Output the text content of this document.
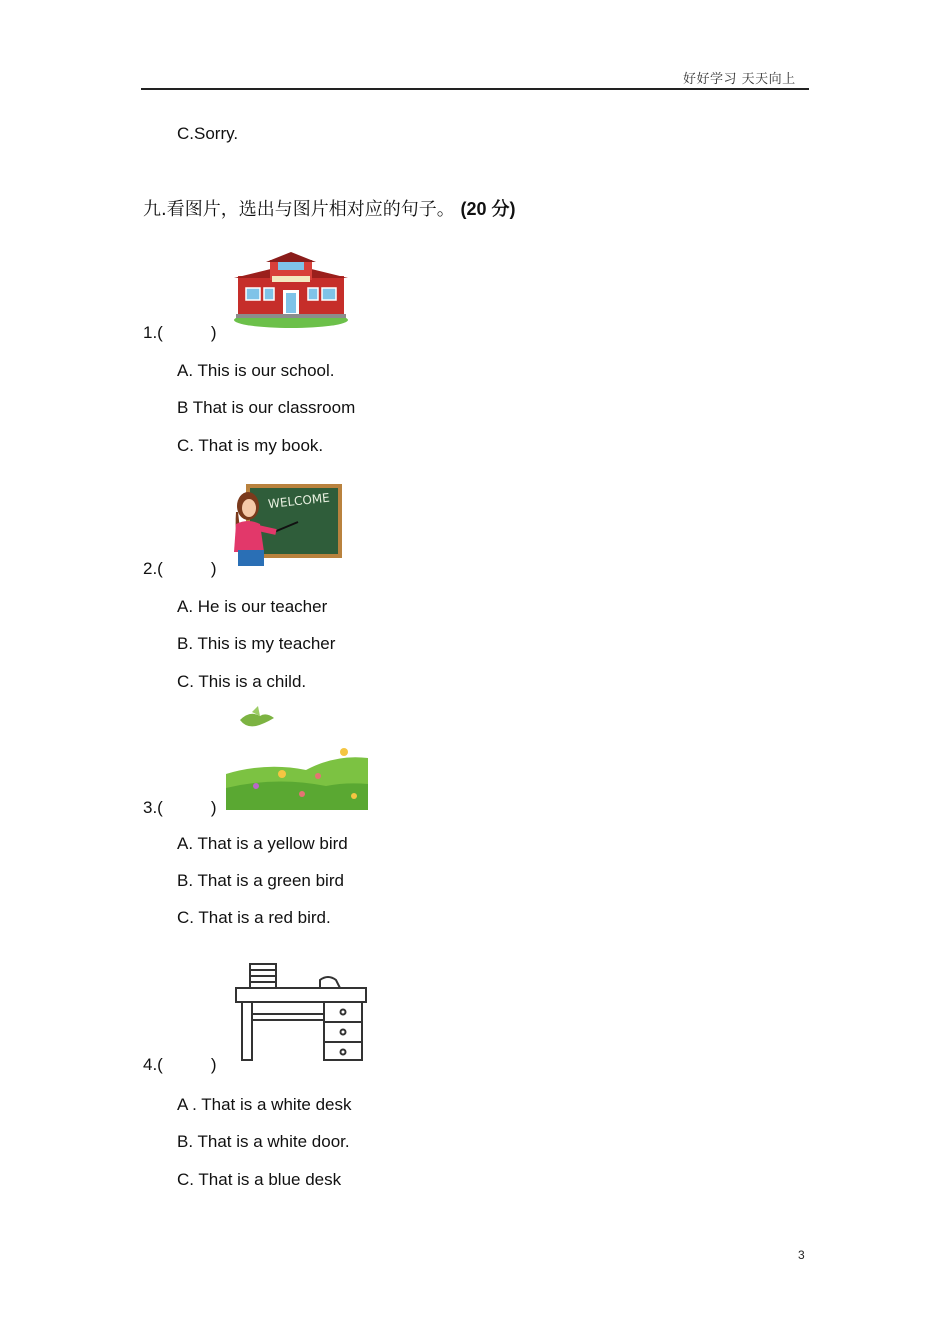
好好学习 天天向上
C.Sorry.
九.看图片，选出与图片相对应的句子。 (20 分)
1.(	)
A. This is our school.
B That is our classroom
C. That is my book.
WELCOME
2.(	)
A. He is our teacher
B. This is my teacher
C. This is a child.
3.(	)
A. That is a yellow bird
B. That is a green bird
C. That is a red bird.
4.(	)
A . That is a white desk
B. That is a white door.
C. That is a blue desk
3
